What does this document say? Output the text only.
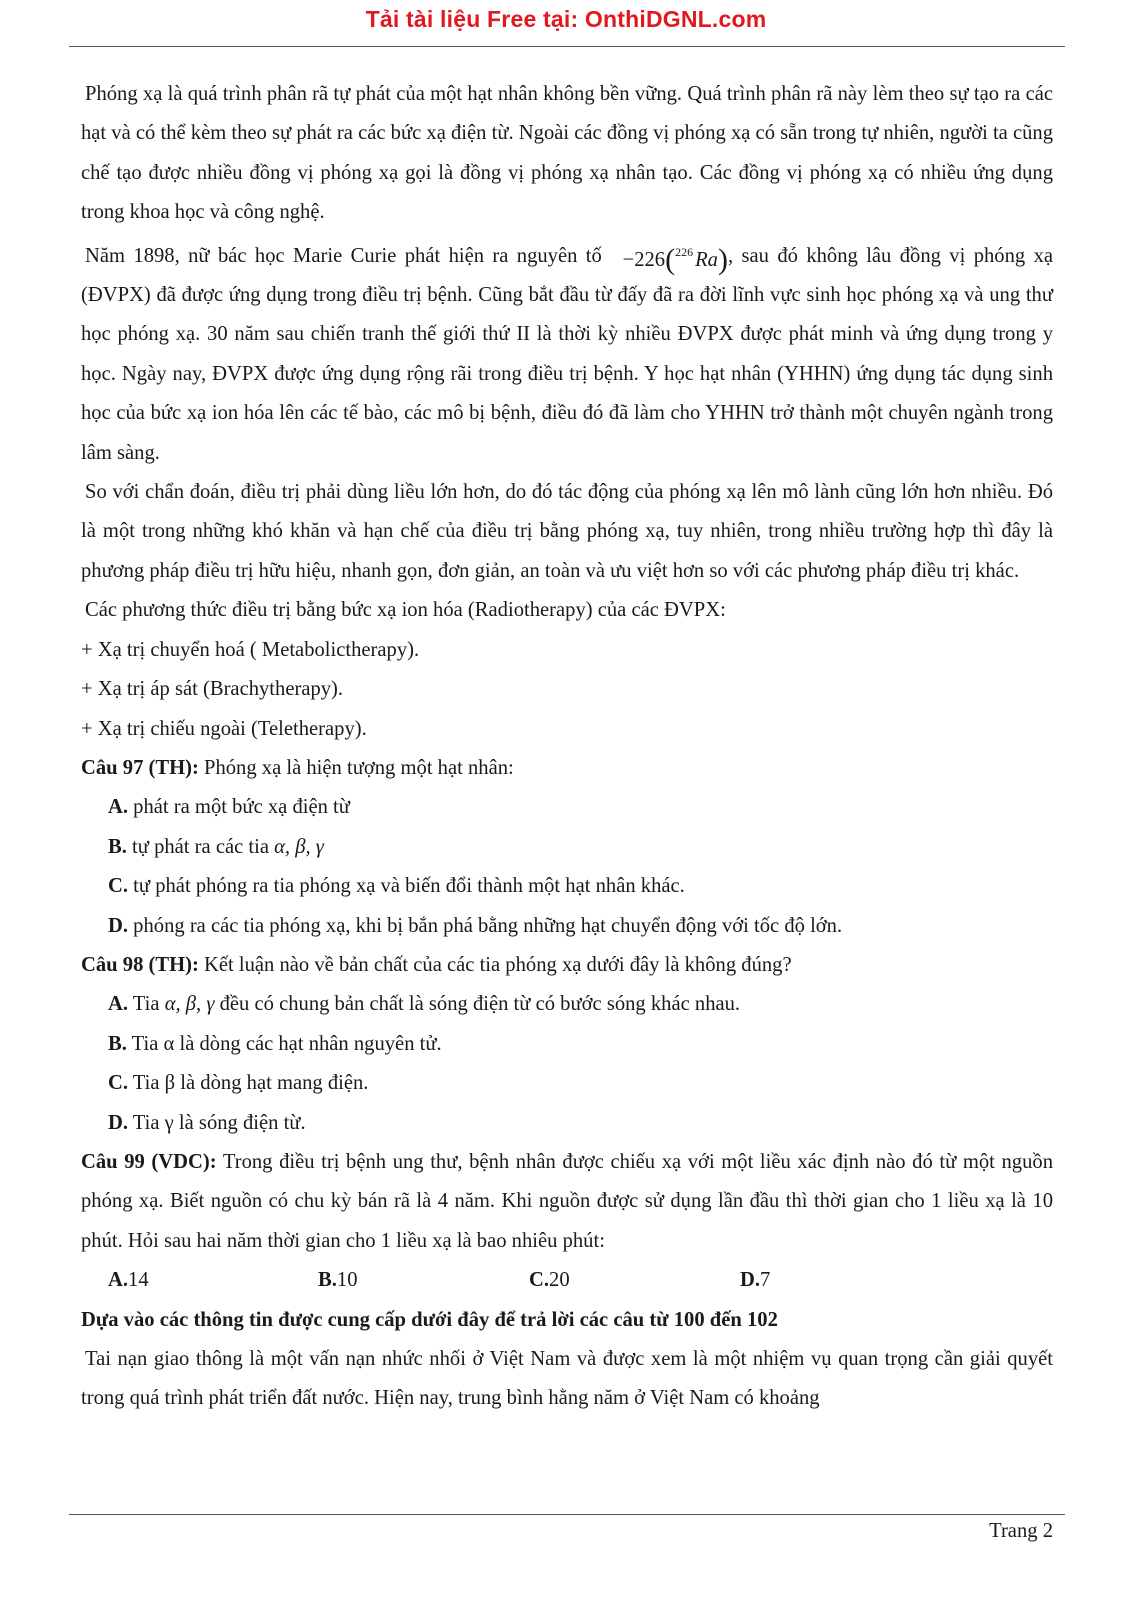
Tải tài liệu Free tại: OnthiDGNL.com

Phóng xạ là quá trình phân rã tự phát của một hạt nhân không bền vững. Quá trình phân rã này lèm theo sự tạo ra các hạt và có thể kèm theo sự phát ra các bức xạ điện từ. Ngoài các đồng vị phóng xạ có sẵn trong tự nhiên, người ta cũng chế tạo được nhiều đồng vị phóng xạ gọi là đồng vị phóng xạ nhân tạo. Các đồng vị phóng xạ có nhiều ứng dụng trong khoa học và công nghệ.

Năm 1898, nữ bác học Marie Curie phát hiện ra nguyên tố −226($^{226}$Ra), sau đó không lâu đồng vị phóng xạ (ĐVPX) đã được ứng dụng trong điều trị bệnh. Cũng bắt đầu từ đấy đã ra đời lĩnh vực sinh học phóng xạ và ung thư học phóng xạ. 30 năm sau chiến tranh thế giới thứ II là thời kỳ nhiều ĐVPX được phát minh và ứng dụng trong y học. Ngày nay, ĐVPX được ứng dụng rộng rãi trong điều trị bệnh. Y học hạt nhân (YHHN) ứng dụng tác dụng sinh học của bức xạ ion hóa lên các tế bào, các mô bị bệnh, điều đó đã làm cho YHHN trở thành một chuyên ngành trong lâm sàng.

So với chẩn đoán, điều trị phải dùng liều lớn hơn, do đó tác động của phóng xạ lên mô lành cũng lớn hơn nhiều. Đó là một trong những khó khăn và hạn chế của điều trị bằng phóng xạ, tuy nhiên, trong nhiều trường hợp thì đây là phương pháp điều trị hữu hiệu, nhanh gọn, đơn giản, an toàn và ưu việt hơn so với các phương pháp điều trị khác.

Các phương thức điều trị bằng bức xạ ion hóa (Radiotherapy) của các ĐVPX:

+ Xạ trị chuyển hoá ( Metabolictherapy).
+ Xạ trị áp sát (Brachytherapy).
+ Xạ trị chiếu ngoài (Teletherapy).
Câu 97 (TH): Phóng xạ là hiện tượng một hạt nhân:
A. phát ra một bức xạ điện từ
B. tự phát ra các tia α, β, γ
C. tự phát phóng ra tia phóng xạ và biến đổi thành một hạt nhân khác.
D. phóng ra các tia phóng xạ, khi bị bắn phá bằng những hạt chuyển động với tốc độ lớn.
Câu 98 (TH): Kết luận nào về bản chất của các tia phóng xạ dưới đây là không đúng?
A. Tia α, β, γ đều có chung bản chất là sóng điện từ có bước sóng khác nhau.
B. Tia α là dòng các hạt nhân nguyên tử.
C. Tia β là dòng hạt mang điện.
D. Tia γ là sóng điện từ.

Câu 99 (VDC): Trong điều trị bệnh ung thư, bệnh nhân được chiếu xạ với một liều xác định nào đó từ một nguồn phóng xạ. Biết nguồn có chu kỳ bán rã là 4 năm. Khi nguồn được sử dụng lần đầu thì thời gian cho 1 liều xạ là 10 phút. Hỏi sau hai năm thời gian cho 1 liều xạ là bao nhiêu phút:

A. 14	B. 10	C. 20	D. 7
Dựa vào các thông tin được cung cấp dưới đây để trả lời các câu từ 100 đến 102

Tai nạn giao thông là một vấn nạn nhức nhối ở Việt Nam và được xem là một nhiệm vụ quan trọng cần giải quyết trong quá trình phát triển đất nước. Hiện nay, trung bình hằng năm ở Việt Nam có khoảng

Trang 2
